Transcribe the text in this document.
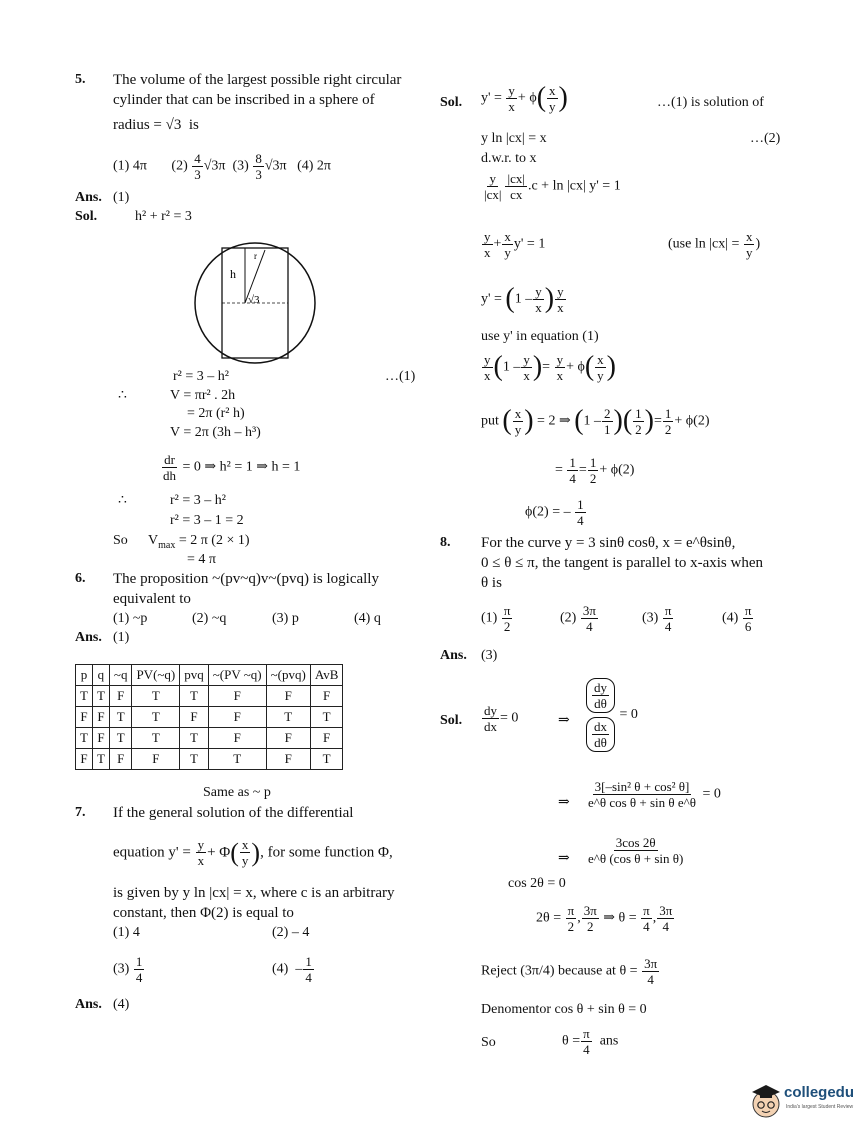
5. The volume of the largest possible right circular
cylinder that can be inscribed in a sphere of
radius = √3 is
(1) 4π $(2) \frac{4}{3} √3\pi$ $(3) \frac{8}{3} √3\pi$ (4) 2π
Ans. (1)
Sol.	h² + r² = 3
h
r
√3
r² = 3 – h²	…(1)
∴	V = πr² . 2h
= 2π (r² h)
V = 2π (3h – h³)
$\frac{dr}{dh} = 0$ ⇒ h² = 1 ⇒ h = 1
∴	r² = 3 – h²
r² = 3 – 1 = 2
So $V_{max} = 2$ π (2 × 1)
= 4 π
6. The proposition ~(pv~q)v~(pvq) is logically
equivalent to
(1) ~p	(2) ~q	(3) p	(4) q
Ans. (1)
p	q	~q	PV(~q)	pvq	~(PV ~q)	~(pvq)	AvB
T	T	F	T	T	F	F	F
F	F	T	T	F	F	T	T
T	F	T	T	T	F	F	F
F	T	F	F	T	T	F	T
Same as ~ p
7. If the general solution of the differential
equation $y' = \frac{y}{x} + \Phi( \frac{x}{y}$ ), for some function Φ,
is given by y ln |cx| = x, where c is an arbitrary
constant, then Φ(2) is equal to
(1) 4	(2) – 4
$(3) \frac{1}{4}$	$(4) - \frac{1}{4}$
Ans. (4)
Sol. $y' = \frac{y}{x} + \phi( \frac{x}{y}$ )	…(1) is solution of
y ln |cx| = x	…(2)
d.w.r. to x
$\frac{y}{|cx|} \frac{|cx|}{cx} .c + \ln |cx|$ y' = 1
$\frac{y}{x} + \frac{x}{y} y' = 1$	(use $\ln |cx| = \frac{x}{y}$ )
$y' = (1 - \frac{y}{x}$ ) $\frac{y}{x}$
use y' in equation (1)
$\frac{y}{x} (1 - \frac{y}{x}$ )= $\frac{y}{x} + \phi( \frac{x}{y}$ )
put ( $\frac{x}{y}$ ) = 2 ⇒ ($1 - \frac{2}{1}$ )( $\frac{1}{2}$ )= $\frac{1}{2} + \phi(2)$
= $\frac{1}{4} = \frac{1}{2} + \phi(2)$
ϕ(2) = – $\frac{1}{4}$
8. For the curve y = 3 sinθ cosθ, x = e^θsinθ,
0 ≤ θ ≤ π, the tangent is parallel to x-axis when
θ is
$(1) \frac{\pi}{2}$	$(2) \frac{3\pi}{4}$	$(3) \frac{\pi}{4}$	$(4) \frac{\pi}{6}$
Ans. (3)
Sol. $\frac{dy}{dx} = 0$	⇒ $\frac{\frac{dy}{d\theta}}{\frac{dx}{d\theta}} = 0$
⇒ $\frac{\text{3[–sin² θ + cos² θ]}}{\text{e\textasciicircum{}θ cos θ + sin θ e\textasciicircum{}θ}} = 0$
⇒ $\frac{3\cos 2\theta}{\text{e\textasciicircum{}θ (cos θ + sin θ)}}$
cos 2θ = 0
$2\theta = \frac{\pi}{2}$ , $\frac{3\pi}{2}$ ⇒ $\theta = \frac{\pi}{4}$ , $\frac{3\pi}{4}$
Reject (3π/4) because at $\theta = \frac{3\pi}{4}$
Denomentor cos θ + sin θ = 0
So	$\theta = \frac{\pi}{4}$ ans
collegedu
India's largest Student Review
